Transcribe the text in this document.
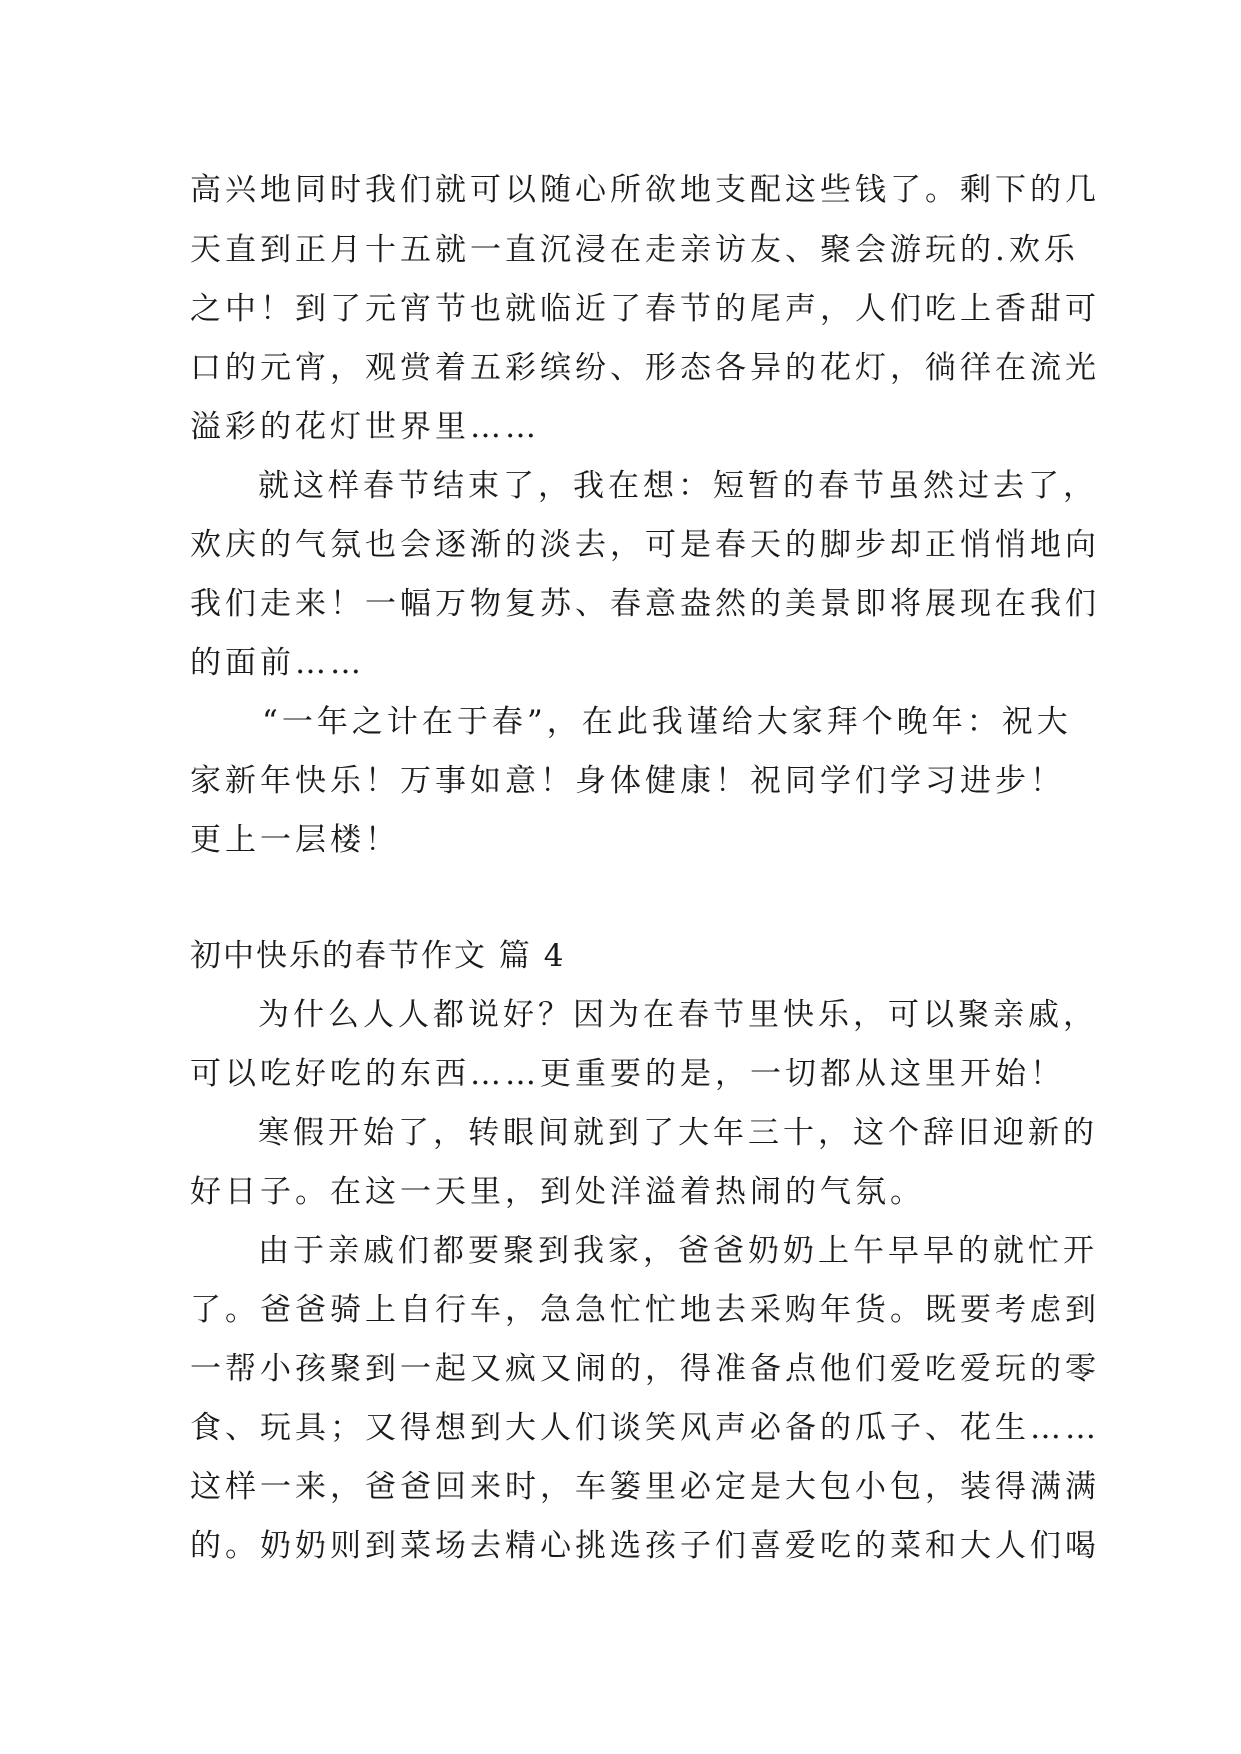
高兴地同时我们就可以随心所欲地支配这些钱了。剩下的几
天直到正月十五就一直沉浸在走亲访友、聚会游玩的.欢乐
之中！到了元宵节也就临近了春节的尾声，人们吃上香甜可
口的元宵，观赏着五彩缤纷、形态各异的花灯，徜徉在流光
溢彩的花灯世界里……
就这样春节结束了，我在想：短暂的春节虽然过去了，
欢庆的气氛也会逐渐的淡去，可是春天的脚步却正悄悄地向
我们走来！一幅万物复苏、春意盎然的美景即将展现在我们
的面前……
“一年之计在于春”，在此我谨给大家拜个晚年：祝大
家新年快乐！万事如意！身体健康！祝同学们学习进步！
更上一层楼！
初中快乐的春节作文 篇 4
为什么人人都说好？因为在春节里快乐，可以聚亲戚，
可以吃好吃的东西……更重要的是，一切都从这里开始！
寒假开始了，转眼间就到了大年三十，这个辞旧迎新的
好日子。在这一天里，到处洋溢着热闹的气氛。
由于亲戚们都要聚到我家，爸爸奶奶上午早早的就忙开
了。爸爸骑上自行车，急急忙忙地去采购年货。既要考虑到
一帮小孩聚到一起又疯又闹的，得准备点他们爱吃爱玩的零
食、玩具；又得想到大人们谈笑风声必备的瓜子、花生……
这样一来，爸爸回来时，车篓里必定是大包小包，装得满满
的。奶奶则到菜场去精心挑选孩子们喜爱吃的菜和大人们喝
